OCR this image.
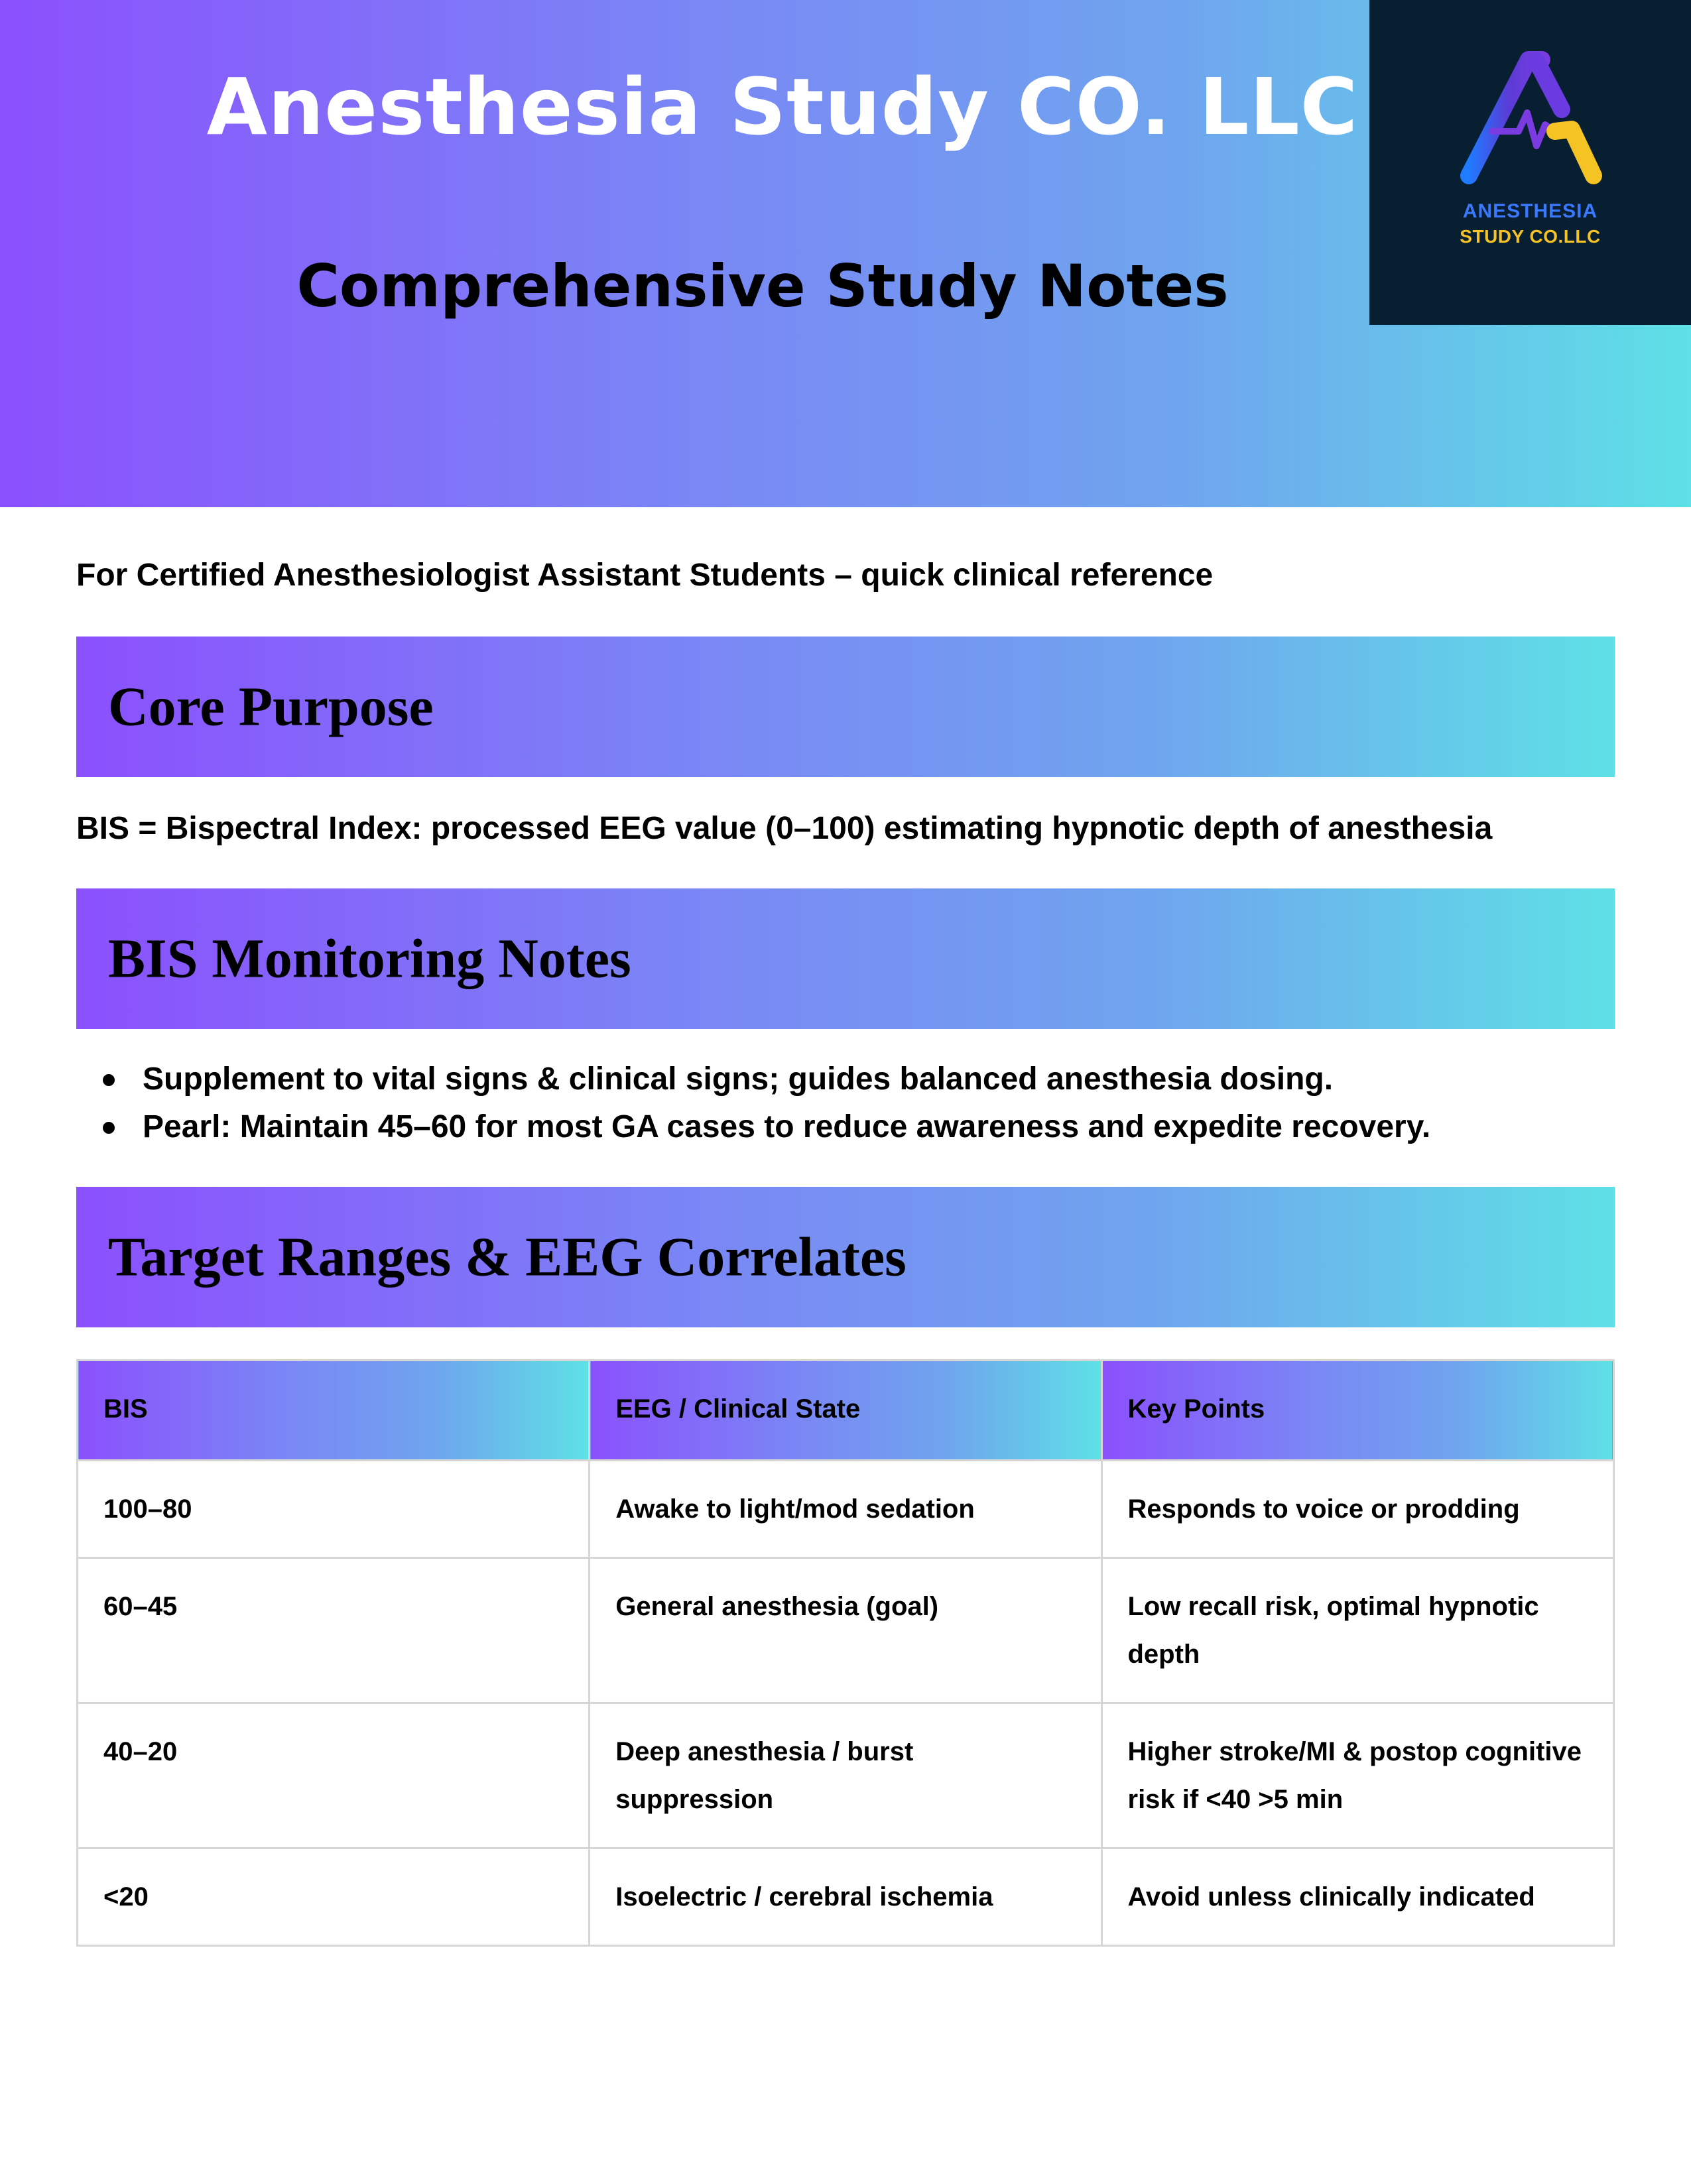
Anesthesia Study CO. LLC
Comprehensive Study Notes
ANESTHESIA
STUDY CO.LLC
For Certified Anesthesiologist Assistant Students – quick clinical reference
Core Purpose
BIS = Bispectral Index: processed EEG value (0–100) estimating hypnotic depth of anesthesia
BIS Monitoring Notes
Supplement to vital signs & clinical signs; guides balanced anesthesia dosing.
Pearl: Maintain 45–60 for most GA cases to reduce awareness and expedite recovery.
Target Ranges & EEG Correlates
BIS	EEG / Clinical State	Key Points
100–80	Awake to light/mod sedation	Responds to voice or prodding
60–45	General anesthesia (goal)	Low recall risk, optimal hypnotic depth
40–20	Deep anesthesia / burst suppression	Higher stroke/MI & postop cognitive risk if <40 >5 min
<20	Isoelectric / cerebral ischemia	Avoid unless clinically indicated
